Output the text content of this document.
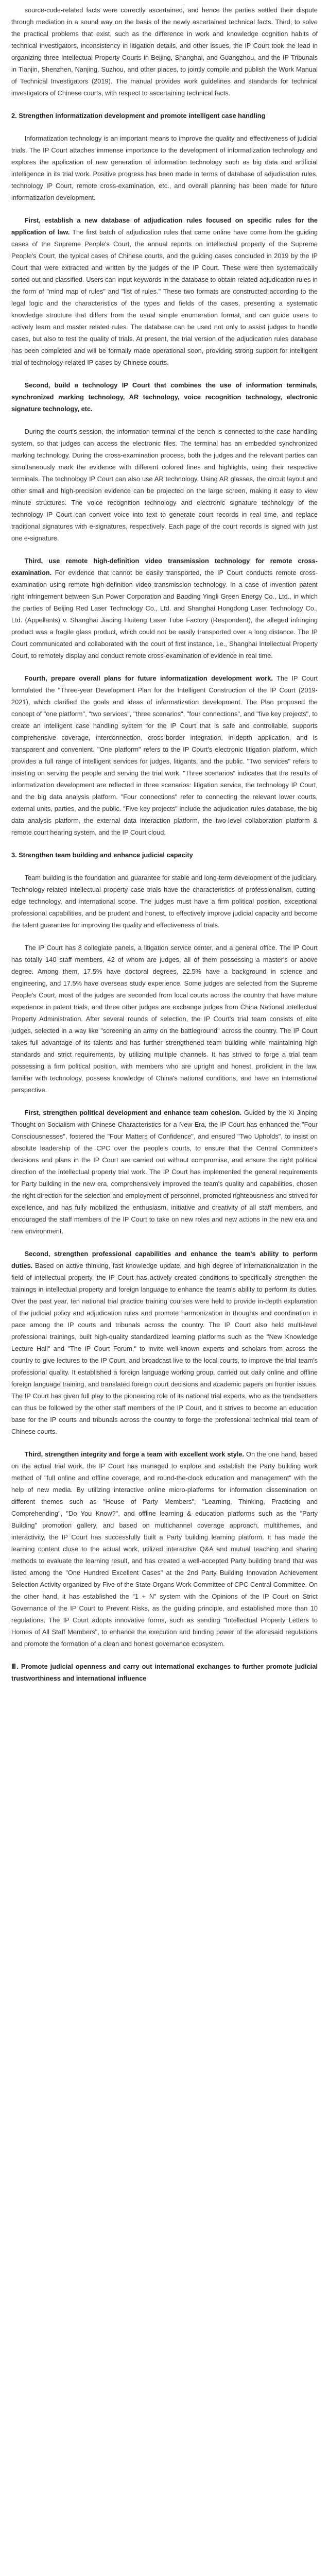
source-code-related facts were correctly ascertained, and hence the parties settled their dispute through mediation in a sound way on the basis of the newly ascertained technical facts. Third, to solve the practical problems that exist, such as the difference in work and knowledge cognition habits of technical investigators, inconsistency in litigation details, and other issues, the IP Court took the lead in organizing three Intellectual Property Courts in Beijing, Shanghai, and Guangzhou, and the IP Tribunals in Tianjin, Shenzhen, Nanjing, Suzhou, and other places, to jointly compile and publish the Work Manual of Technical Investigators (2019). The manual provides work guidelines and standards for technical investigators of Chinese courts, with respect to ascertaining technical facts.

2. Strengthen informatization development and promote intelligent case handling

Informatization technology is an important means to improve the quality and effectiveness of judicial trials. The IP Court attaches immense importance to the development of informatization technology and explores the application of new generation of information technology such as big data and artificial intelligence in its trial work. Positive progress has been made in terms of database of adjudication rules, technology IP Court, remote cross-examination, etc., and overall planning has been made for future informatization development.

First, establish a new database of adjudication rules focused on specific rules for the application of law. The first batch of adjudication rules that came online have come from the guiding cases of the Supreme People's Court, the annual reports on intellectual property of the Supreme People's Court, the typical cases of Chinese courts, and the guiding cases concluded in 2019 by the IP Court that were extracted and written by the judges of the IP Court. These were then systematically sorted out and classified. Users can input keywords in the database to obtain related adjudication rules in the form of "mind map of rules" and "list of rules." These two formats are constructed according to the legal logic and the characteristics of the types and fields of the cases, presenting a systematic knowledge structure that differs from the usual simple enumeration format, and can guide users to actively learn and master related rules. The database can be used not only to assist judges to handle cases, but also to test the quality of trials. At present, the trial version of the adjudication rules database has been completed and will be formally made operational soon, providing strong support for intelligent trial of technology-related IP cases by Chinese courts.

Second, build a technology IP Court that combines the use of information terminals, synchronized marking technology, AR technology, voice recognition technology, electronic signature technology, etc.

During the court's session, the information terminal of the bench is connected to the case handling system, so that judges can access the electronic files. The terminal has an embedded synchronized marking technology. During the cross-examination process, both the judges and the relevant parties can simultaneously mark the evidence with different colored lines and highlights, using their respective terminals. The technology IP Court can also use AR technology. Using AR glasses, the circuit layout and other small and high-precision evidence can be projected on the large screen, making it easy to view minute structures. The voice recognition technology and electronic signature technology of the technology IP Court can convert voice into text to generate court records in real time, and replace traditional signatures with e-signatures, respectively. Each page of the court records is signed with just one e-signature.

Third, use remote high-definition video transmission technology for remote cross-examination. For evidence that cannot be easily transported, the IP Court conducts remote cross-examination using remote high-definition video transmission technology. In a case of invention patent right infringement between Sun Power Corporation and Baoding Yingli Green Energy Co., Ltd., in which the parties of Beijing Red Laser Technology Co., Ltd. and Shanghai Hongdong Laser Technology Co., Ltd. (Appellants) v. Shanghai Jiading Huiteng Laser Tube Factory (Respondent), the alleged infringing product was a fragile glass product, which could not be easily transported over a long distance. The IP Court communicated and collaborated with the court of first instance, i.e., Shanghai Intellectual Property Court, to remotely display and conduct remote cross-examination of evidence in real time.

Fourth, prepare overall plans for future informatization development work. The IP Court formulated the "Three-year Development Plan for the Intelligent Construction of the IP Court (2019-2021), which clarified the goals and ideas of informatization development. The Plan proposed the concept of "one platform", "two services", "three scenarios", "four connections", and "five key projects", to create an intelligent case handling system for the IP Court that is safe and controllable, supports comprehensive coverage, interconnection, cross-border integration, in-depth application, and is transparent and convenient. "One platform" refers to the IP Court's electronic litigation platform, which provides a full range of intelligent services for judges, litigants, and the public. "Two services" refers to insisting on serving the people and serving the trial work. "Three scenarios" indicates that the results of informatization development are reflected in three scenarios: litigation service, the technology IP Court, and the big data analysis platform. "Four connections" refer to connecting the relevant lower courts, external units, parties, and the public. "Five key projects" include the adjudication rules database, the big data analysis platform, the external data interaction platform, the two-level collaboration platform & remote court hearing system, and the IP Court cloud.

3. Strengthen team building and enhance judicial capacity

Team building is the foundation and guarantee for stable and long-term development of the judiciary. Technology-related intellectual property case trials have the characteristics of professionalism, cutting-edge technology, and international scope. The judges must have a firm political position, exceptional professional capabilities, and be prudent and honest, to effectively improve judicial capacity and become the talent guarantee for improving the quality and effectiveness of trials.

The IP Court has 8 collegiate panels, a litigation service center, and a general office. The IP Court has totally 140 staff members, 42 of whom are judges, all of them possessing a master's or above degree. Among them, 17.5% have doctoral degrees, 22.5% have a background in science and engineering, and 17.5% have overseas study experience. Some judges are selected from the Supreme People's Court, most of the judges are seconded from local courts across the country that have mature experience in patent trials, and three other judges are exchange judges from China National Intellectual Property Administration. After several rounds of selection, the IP Court's trial team consists of elite judges, selected in a way like "screening an army on the battleground" across the country. The IP Court takes full advantage of its talents and has further strengthened team building while maintaining high standards and strict requirements, by utilizing multiple channels. It has strived to forge a trial team possessing a firm political position, with members who are upright and honest, proficient in the law, familiar with technology, possess knowledge of China's national conditions, and have an international perspective.

First, strengthen political development and enhance team cohesion. Guided by the Xi Jinping Thought on Socialism with Chinese Characteristics for a New Era, the IP Court has enhanced the "Four Consciousnesses", fostered the "Four Matters of Confidence", and ensured "Two Upholds", to insist on absolute leadership of the CPC over the people's courts, to ensure that the Central Committee's decisions and plans in the IP Court are carried out without compromise, and ensure the right political direction of the intellectual property trial work. The IP Court has implemented the general requirements for Party building in the new era, comprehensively improved the team's quality and capabilities, chosen the right direction for the selection and employment of personnel, promoted righteousness and strived for excellence, and has fully mobilized the enthusiasm, initiative and creativity of all staff members, and encouraged the staff members of the IP Court to take on new roles and new actions in the new era and new environment.

Second, strengthen professional capabilities and enhance the team's ability to perform duties. Based on active thinking, fast knowledge update, and high degree of internationalization in the field of intellectual property, the IP Court has actively created conditions to specifically strengthen the trainings in intellectual property and foreign language to enhance the team's ability to perform its duties. Over the past year, ten national trial practice training courses were held to provide in-depth explanation of the judicial policy and adjudication rules and promote harmonization in thoughts and coordination in pace among the IP courts and tribunals across the country. The IP Court also held multi-level professional trainings, built high-quality standardized learning platforms such as the "New Knowledge Lecture Hall" and "The IP Court Forum," to invite well-known experts and scholars from across the country to give lectures to the IP Court, and broadcast live to the local courts, to improve the trial team's professional quality. It established a foreign language working group, carried out daily online and offline foreign language training, and translated foreign court decisions and academic papers on frontier issues. The IP Court has given full play to the pioneering role of its national trial experts, who as the trendsetters can thus be followed by the other staff members of the IP Court, and it strives to become an education base for the IP courts and tribunals across the country to forge the professional technical trial team of Chinese courts.

Third, strengthen integrity and forge a team with excellent work style. On the one hand, based on the actual trial work, the IP Court has managed to explore and establish the Party building work method of "full online and offline coverage, and round-the-clock education and management" with the help of new media. By utilizing interactive online micro-platforms for information dissemination on different themes such as "House of Party Members", "Learning, Thinking, Practicing and Comprehending", "Do You Know?", and offline learning & education platforms such as the "Party Building" promotion gallery, and based on multichannel coverage approach, multithemes, and interactivity, the IP Court has successfully built a Party building learning platform. It has made the learning content close to the actual work, utilized interactive Q&A and mutual teaching and sharing methods to evaluate the learning result, and has created a well-accepted Party building brand that was listed among the "One Hundred Excellent Cases" at the 2nd Party Building Innovation Achievement Selection Activity organized by Five of the State Organs Work Committee of CPC Central Committee. On the other hand, it has established the "1 + N" system with the Opinions of the IP Court on Strict Governance of the IP Court to Prevent Risks, as the guiding principle, and established more than 10 regulations. The IP Court adopts innovative forms, such as sending "Intellectual Property Letters to Homes of All Staff Members", to enhance the execution and binding power of the aforesaid regulations and promote the formation of a clean and honest governance ecosystem.

Ⅲ. Promote judicial openness and carry out international exchanges to further promote judicial trustworthiness and international influence
